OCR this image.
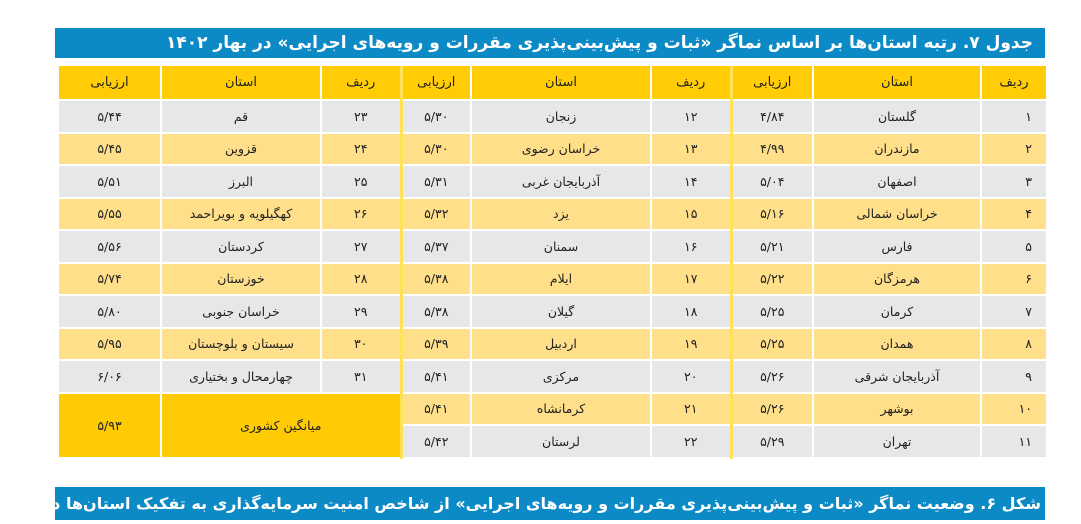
جدول ۷. رتبه استان‌ها بر اساس نماگر «ثبات و پیش‌بینی‌پذیری مقررات و رویه‌های اجرایی» در بهار ۱۴۰۲
ردیف	استان	ارزیابی	ردیف	استان	ارزیابی	ردیف	استان	ارزیابی
۱	گلستان	۴/۸۴	۱۲	زنجان	۵/۳۰	۲۳	قم	۵/۴۴
۲	مازندران	۴/۹۹	۱۳	خراسان رضوی	۵/۳۰	۲۴	قزوین	۵/۴۵
۳	اصفهان	۵/۰۴	۱۴	آذربایجان غربی	۵/۳۱	۲۵	البرز	۵/۵۱
۴	خراسان شمالی	۵/۱۶	۱۵	یزد	۵/۳۲	۲۶	کهگیلویه و بویراحمد	۵/۵۵
۵	فارس	۵/۲۱	۱۶	سمنان	۵/۳۷	۲۷	کردستان	۵/۵۶
۶	هرمزگان	۵/۲۲	۱۷	ایلام	۵/۳۸	۲۸	خوزستان	۵/۷۴
۷	کرمان	۵/۲۵	۱۸	گیلان	۵/۳۸	۲۹	خراسان جنوبی	۵/۸۰
۸	همدان	۵/۲۵	۱۹	اردبیل	۵/۳۹	۳۰	سیستان و بلوچستان	۵/۹۵
۹	آذربایجان شرقی	۵/۲۶	۲۰	مرکزی	۵/۴۱	۳۱	چهارمحال و بختیاری	۶/۰۶
۱۰	بوشهر	۵/۲۶	۲۱	کرمانشاه	۵/۴۱	میانگین کشوری		۵/۹۳
۱۱	تهران	۵/۲۹	۲۲	لرستان	۵/۴۲			
شکل ۶. وضعیت نماگر «ثبات و پیش‌بینی‌پذیری مقررات و رویه‌های اجرایی» از شاخص امنیت سرمایه‌گذاری به تفکیک استان‌ها در بهار
